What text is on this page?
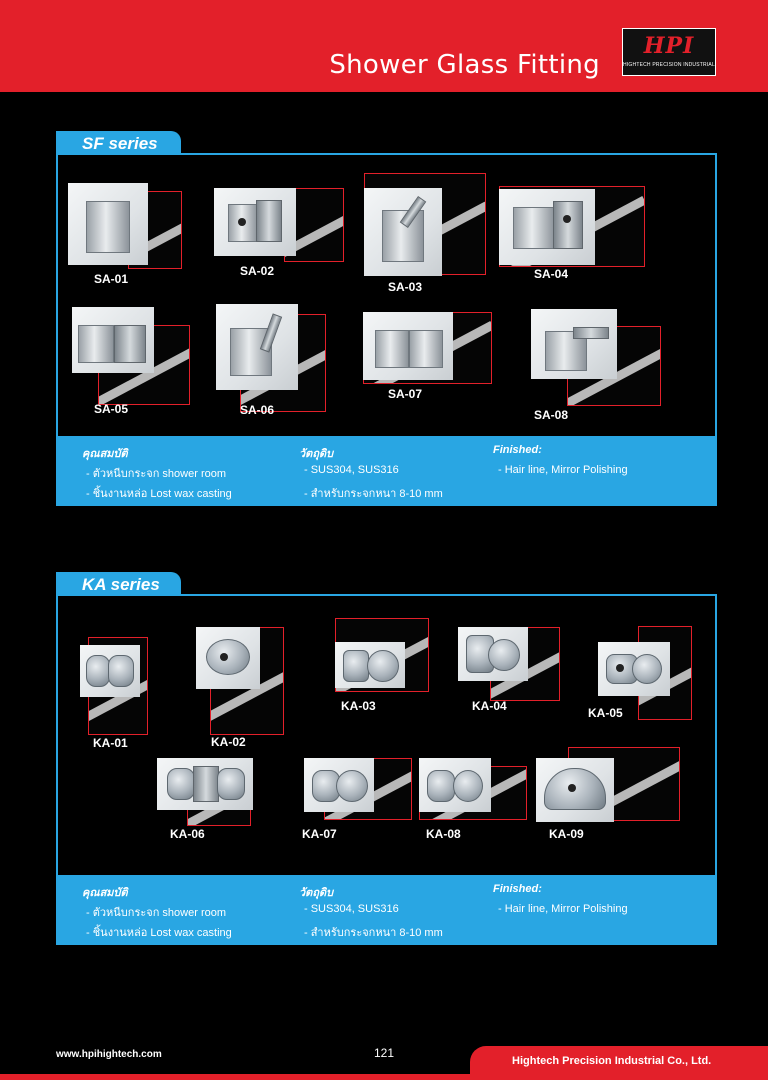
Shower Glass Fitting
HPI
HIGHTECH PRECISION INDUSTRIAL
SF series
SA-01
SA-02
SA-03
SA-04
SA-05	SA-06
SA-07
SA-08
คุณสมบัติ
- ตัวหนีบกระจก shower room
- ชิ้นงานหล่อ Lost wax casting
วัตถุดิบ
- SUS304, SUS316
- สำหรับกระจกหนา 8-10 mm
Finished:
- Hair line, Mirror Polishing
KA series
KA-01	KA-02
KA-03	KA-04	KA-05
KA-06	KA-07	KA-08	KA-09
คุณสมบัติ
- ตัวหนีบกระจก shower room
- ชิ้นงานหล่อ Lost wax casting
วัตถุดิบ
- SUS304, SUS316
- สำหรับกระจกหนา 8-10 mm
Finished:
- Hair line, Mirror Polishing
www.hpihightech.com	121
Hightech Precision Industrial Co., Ltd.
